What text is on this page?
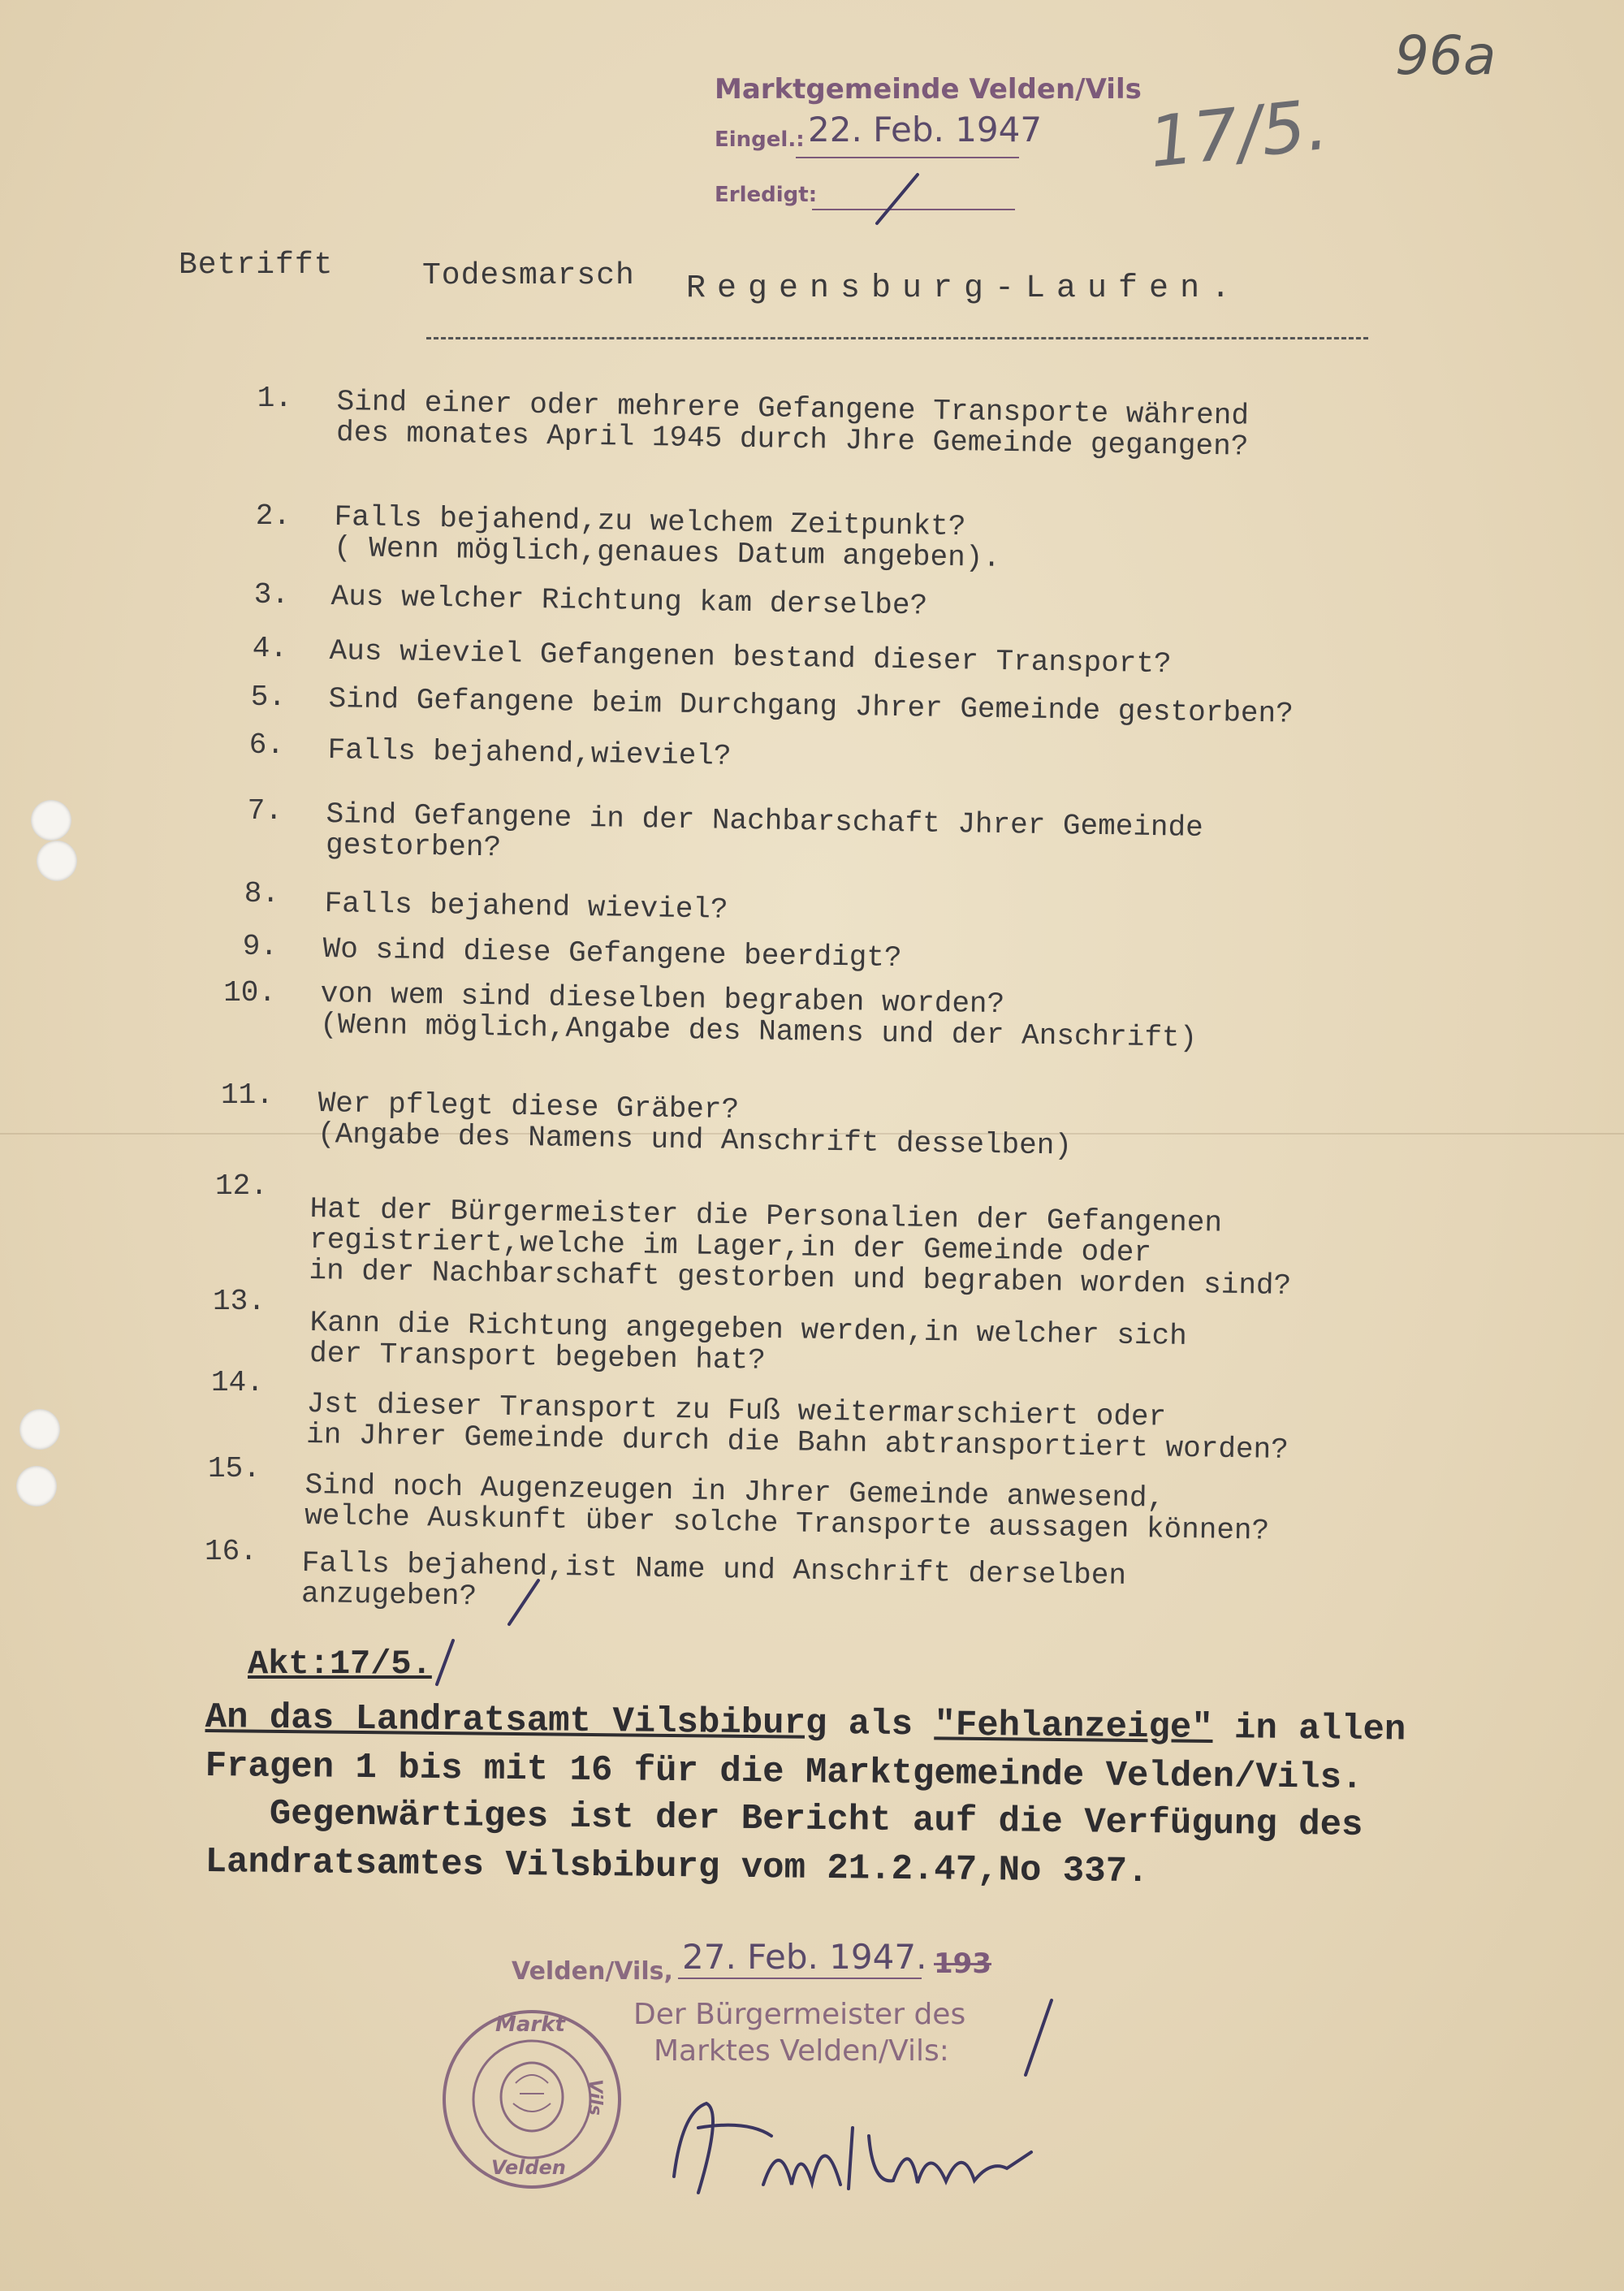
96a
Marktgemeinde Velden/Vils
Eingel.: 22. Feb. 1947
Erledigt:
17/5.
Betrifft	Todesmarsch Regensburg-Laufen.
1. Sind einer oder mehrere Gefangene Transporte während
des monates April 1945 durch Jhre Gemeinde gegangen?
2. Falls bejahend,zu welchem Zeitpunkt?
( Wenn möglich,genaues Datum angeben).
3. Aus welcher Richtung kam derselbe?
4. Aus wieviel Gefangenen bestand dieser Transport?
5. Sind Gefangene beim Durchgang Jhrer Gemeinde gestorben?
6. Falls bejahend,wieviel?
7. Sind Gefangene in der Nachbarschaft Jhrer Gemeinde
gestorben?
8. Falls bejahend wieviel?
9. Wo sind diese Gefangene beerdigt?
10. von wem sind dieselben begraben worden?
(Wenn möglich,Angabe des Namens und der Anschrift)
11. Wer pflegt diese Gräber?
(Angabe des Namens und Anschrift desselben)
12.
Hat der Bürgermeister die Personalien der Gefangenen
registriert,welche im Lager,in der Gemeinde oder
in der Nachbarschaft gestorben und begraben worden sind?
13.
Kann die Richtung angegeben werden,in welcher sich
der Transport begeben hat?
14.
Jst dieser Transport zu Fuß weitermarschiert oder
in Jhrer Gemeinde durch die Bahn abtransportiert worden?
15. Sind noch Augenzeugen in Jhrer Gemeinde anwesend,
welche Auskunft über solche Transporte aussagen können?
16. Falls bejahend,ist Name und Anschrift derselben
anzugeben?
Akt:17/5.
An das Landratsamt Vilsbiburg als "Fehlanzeige" in allen
Fragen 1 bis mit 16 für die Marktgemeinde Velden/Vils.
Gegenwärtiges ist der Bericht auf die Verfügung des
Landratsamtes Vilsbiburg vom 21.2.47,No 337.
Velden/Vils, 27. Feb. 1947. 193
Der Bürgermeister des
Marktes Velden/Vils:
Markt
Velden
Vils
